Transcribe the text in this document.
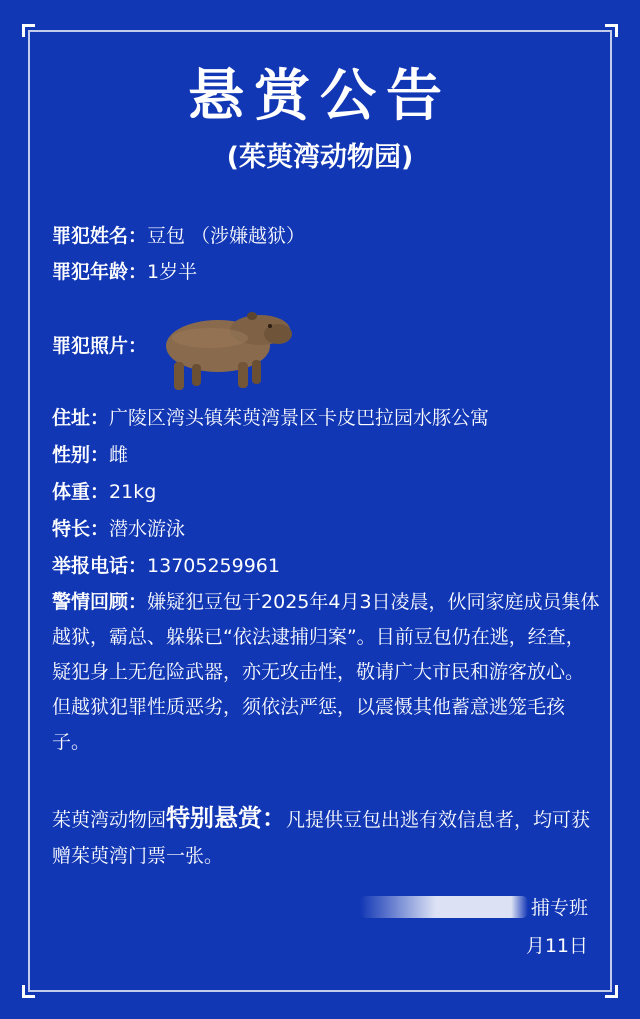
悬赏公告
(茱萸湾动物园)
罪犯姓名：豆包 （涉嫌越狱）
罪犯年龄：1岁半
罪犯照片：
住址：广陵区湾头镇茱萸湾景区卡皮巴拉园水豚公寓
性别：雌
体重：21kg
特长：潜水游泳
举报电话：13705259961
警情回顾：嫌疑犯豆包于2025年4月3日凌晨，伙同家庭成员集体越狱，霸总、躲躲已“依法逮捕归案”。目前豆包仍在逃，经查，疑犯身上无危险武器，亦无攻击性，敬请广大市民和游客放心。但越狱犯罪性质恶劣，须依法严惩，以震慑其他蓄意逃笼毛孩子。
茱萸湾动物园特别悬赏：凡提供豆包出逃有效信息者，均可获赠茱萸湾门票一张。
捕专班
月11日
